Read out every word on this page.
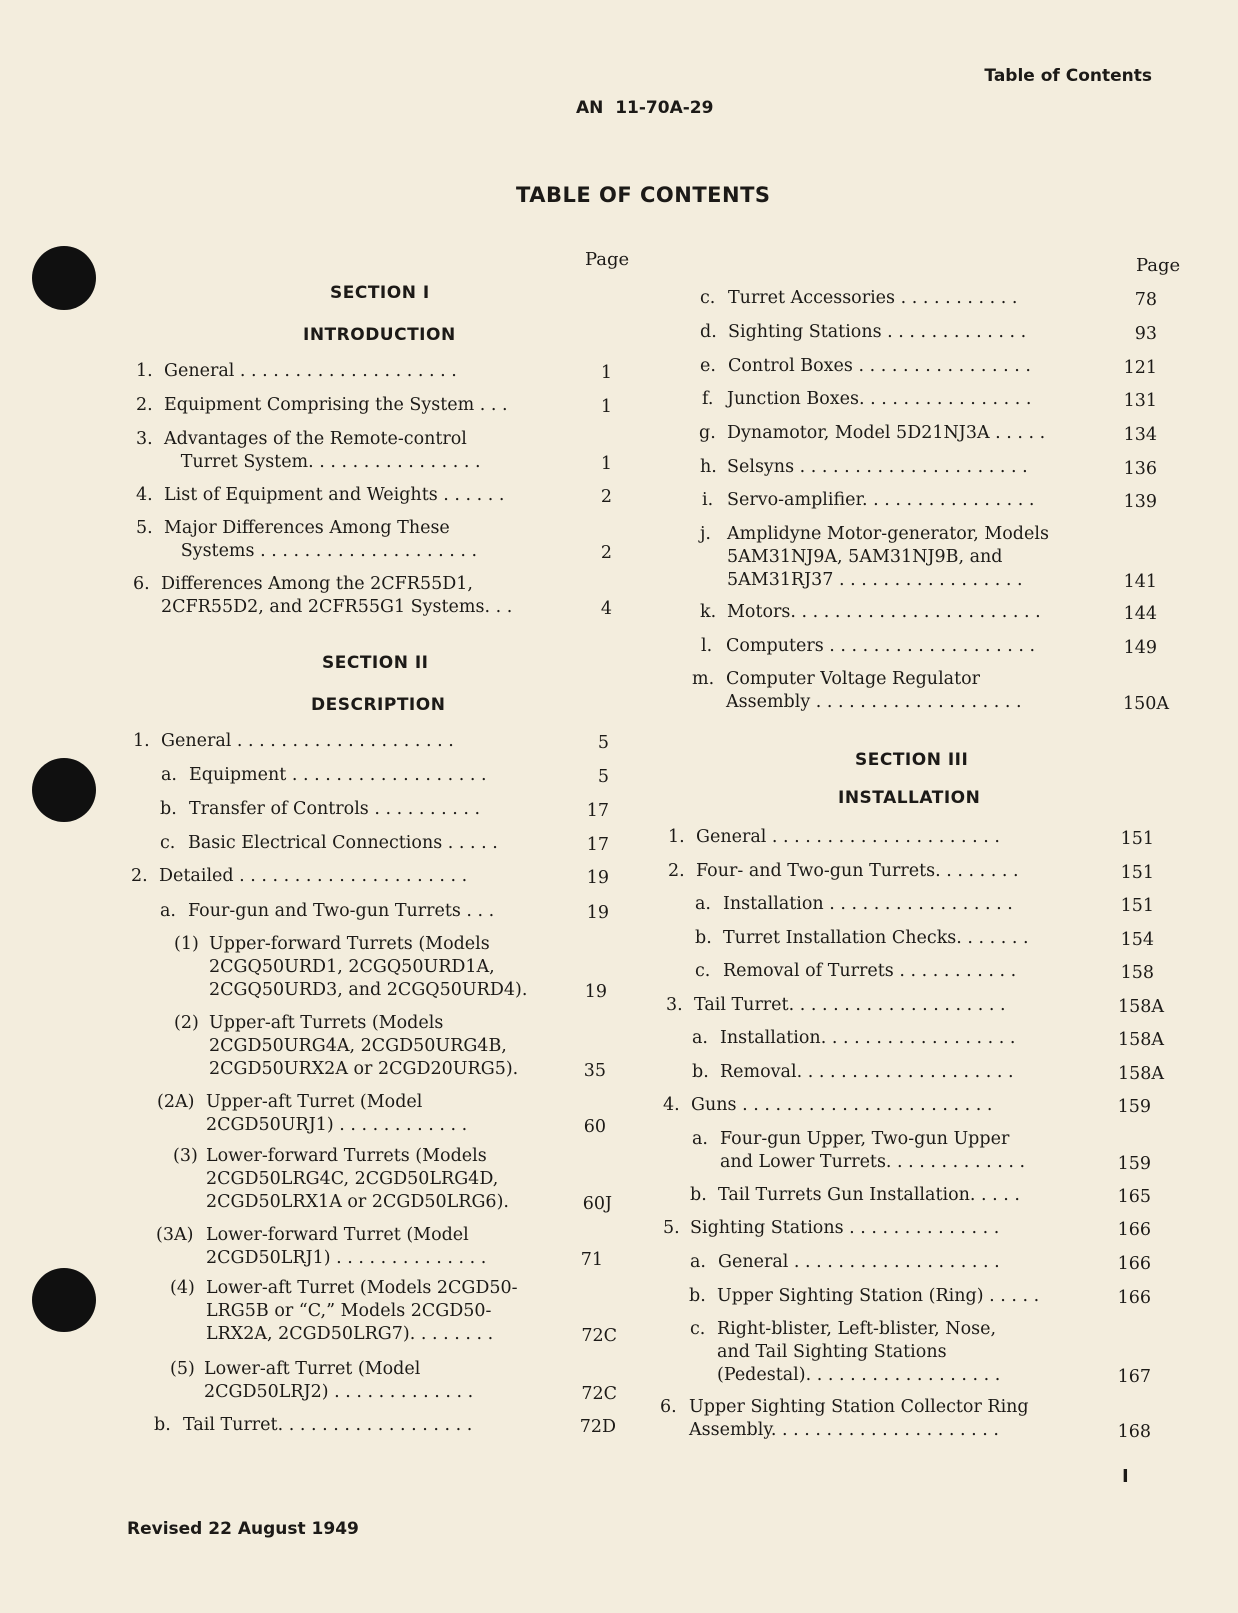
Table of Contents
AN  11-70A-29
TABLE OF CONTENTS
Page	Page
SECTION I
INTRODUCTION
SECTION II
DESCRIPTION
SECTION III
INSTALLATION
1. General . . . . . . . . . . . . . . . . . . . .	1
2. Equipment Comprising the System . . .	1
3. Advantages of the Remote-control
Turret System. . . . . . . . . . . . . . . .	1
4. List of Equipment and Weights . . . . . .	2
5. Major Differences Among These
Systems . . . . . . . . . . . . . . . . . . . .	2
6. Differences Among the 2CFR55D1,
2CFR55D2, and 2CFR55G1 Systems. . .	4
1. General . . . . . . . . . . . . . . . . . . . .	5
a. Equipment . . . . . . . . . . . . . . . . . .	5
b. Transfer of Controls . . . . . . . . . .	17
c. Basic Electrical Connections . . . . .	17
2. Detailed . . . . . . . . . . . . . . . . . . . . .	19
a. Four-gun and Two-gun Turrets . . .	19
(1) Upper-forward Turrets (Models
2CGQ50URD1, 2CGQ50URD1A,
2CGQ50URD3, and 2CGQ50URD4).	19
(2) Upper-aft Turrets (Models
2CGD50URG4A, 2CGD50URG4B,
2CGD50URX2A or 2CGD20URG5).	35
(2A) Upper-aft Turret (Model
2CGD50URJ1) . . . . . . . . . . . .	60
(3) Lower-forward Turrets (Models
2CGD50LRG4C, 2CGD50LRG4D,
2CGD50LRX1A or 2CGD50LRG6).	60J
(3A) Lower-forward Turret (Model
2CGD50LRJ1) . . . . . . . . . . . . . .	71
(4) Lower-aft Turret (Models 2CGD50-
LRG5B or “C,” Models 2CGD50-
LRX2A, 2CGD50LRG7). . . . . . . .	72C
(5) Lower-aft Turret (Model
2CGD50LRJ2) . . . . . . . . . . . . .	72C
b. Tail Turret. . . . . . . . . . . . . . . . . .	72D
c. Turret Accessories . . . . . . . . . . .	78
d. Sighting Stations . . . . . . . . . . . . .	93
e. Control Boxes . . . . . . . . . . . . . . . .	121
f. Junction Boxes. . . . . . . . . . . . . . . .	131
g. Dynamotor, Model 5D21NJ3A . . . . .	134
h. Selsyns . . . . . . . . . . . . . . . . . . . . .	136
i. Servo-amplifier. . . . . . . . . . . . . . . .	139
j. Amplidyne Motor-generator, Models
5AM31NJ9A, 5AM31NJ9B, and
5AM31RJ37 . . . . . . . . . . . . . . . . .	141
k. Motors. . . . . . . . . . . . . . . . . . . . . . .	144
l. Computers . . . . . . . . . . . . . . . . . . .	149
m. Computer Voltage Regulator
Assembly . . . . . . . . . . . . . . . . . . .	150A
1. General . . . . . . . . . . . . . . . . . . . . .	151
2. Four- and Two-gun Turrets. . . . . . . .	151
a. Installation . . . . . . . . . . . . . . . . .	151
b. Turret Installation Checks. . . . . . .	154
c. Removal of Turrets . . . . . . . . . . .	158
3. Tail Turret. . . . . . . . . . . . . . . . . . . .	158A
a. Installation. . . . . . . . . . . . . . . . . .	158A
b. Removal. . . . . . . . . . . . . . . . . . . .	158A
4. Guns . . . . . . . . . . . . . . . . . . . . . . .	159
a. Four-gun Upper, Two-gun Upper
and Lower Turrets. . . . . . . . . . . . .	159
b. Tail Turrets Gun Installation. . . . .	165
5. Sighting Stations . . . . . . . . . . . . . .	166
a. General . . . . . . . . . . . . . . . . . . .	166
b. Upper Sighting Station (Ring) . . . . .	166
c. Right-blister, Left-blister, Nose,
and Tail Sighting Stations
(Pedestal). . . . . . . . . . . . . . . . . .	167
6. Upper Sighting Station Collector Ring
Assembly. . . . . . . . . . . . . . . . . . . . .	168
Revised 22 August 1949
I
